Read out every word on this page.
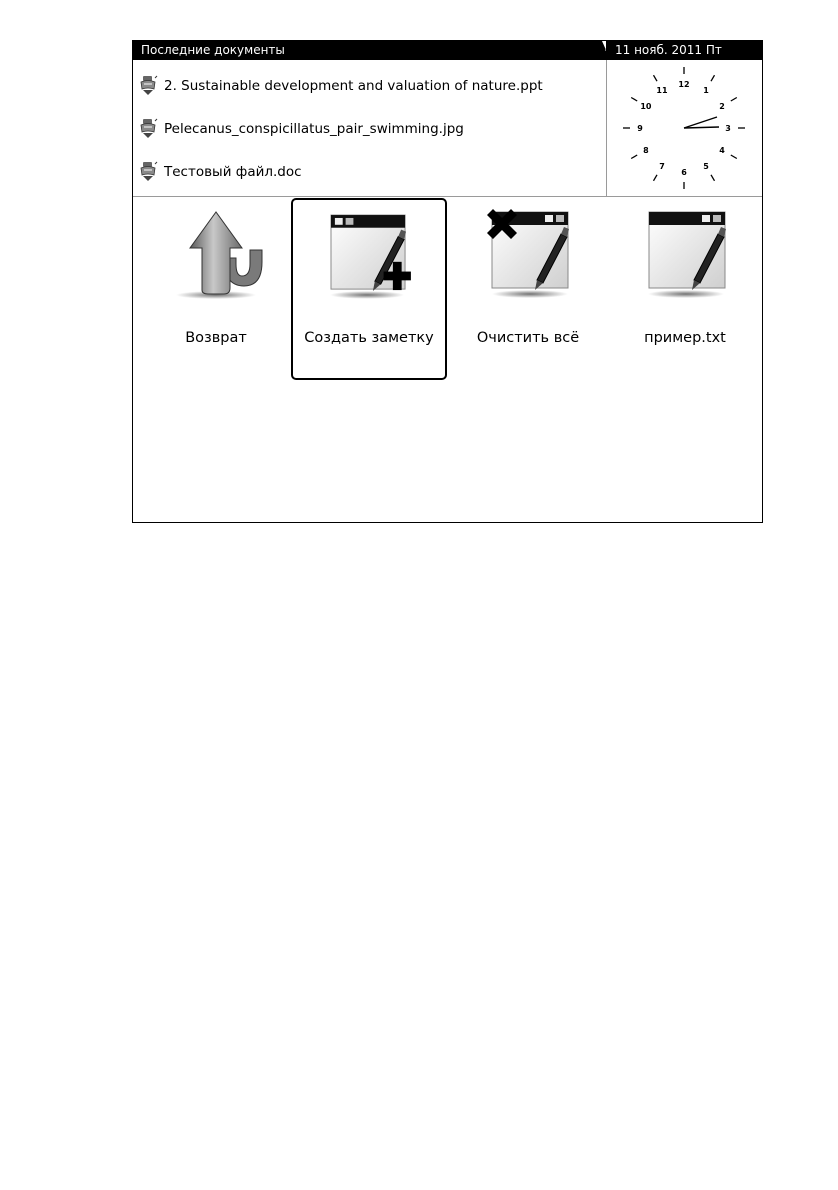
Последние документы	11 нояб. 2011 Пт
2. Sustainable development and valuation of nature.ppt
Pelecanus_conspicillatus_pair_swimming.jpg
Тестовый файл.doc
12
1
2
3
4
5
6
7
8
9
10
11
Возврат	Создать заметку	Очистить всё	пример.txt
